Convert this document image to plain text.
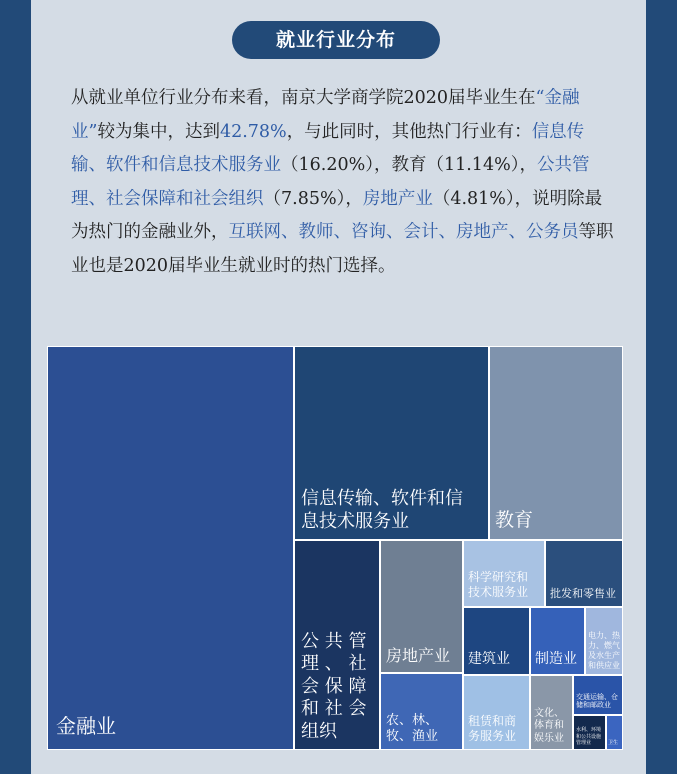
就业行业分布
从就业单位行业分布来看，南京大学商学院2020届毕业生在“金融业”较为集中，达到42.78%，与此同时，其他热门行业有：信息传输、软件和信息技术服务业（16.20%），教育（11.14%），公共管理、社会保障和社会组织（7.85%），房地产业（4.81%），说明除最为热门的金融业外，互联网、教师、咨询、会计、房地产、公务员等职业也是2020届毕业生就业时的热门选择。
金融业
信息传输、软件和信
息技术服务业	教育
公 共 管
理 、 社
会 保 障
和 社 会
组织
房地产业
科学研究和
技术服务业 批发和零售业
建筑业 制造业
电力、热
力、燃气
及水生产
和供应业
农、林、
牧、渔业
租赁和商
务服务业
文化、
体育和
娱乐业
交通运输、仓
储和邮政业
水利、环境
和公共设施
管理业	卫生
